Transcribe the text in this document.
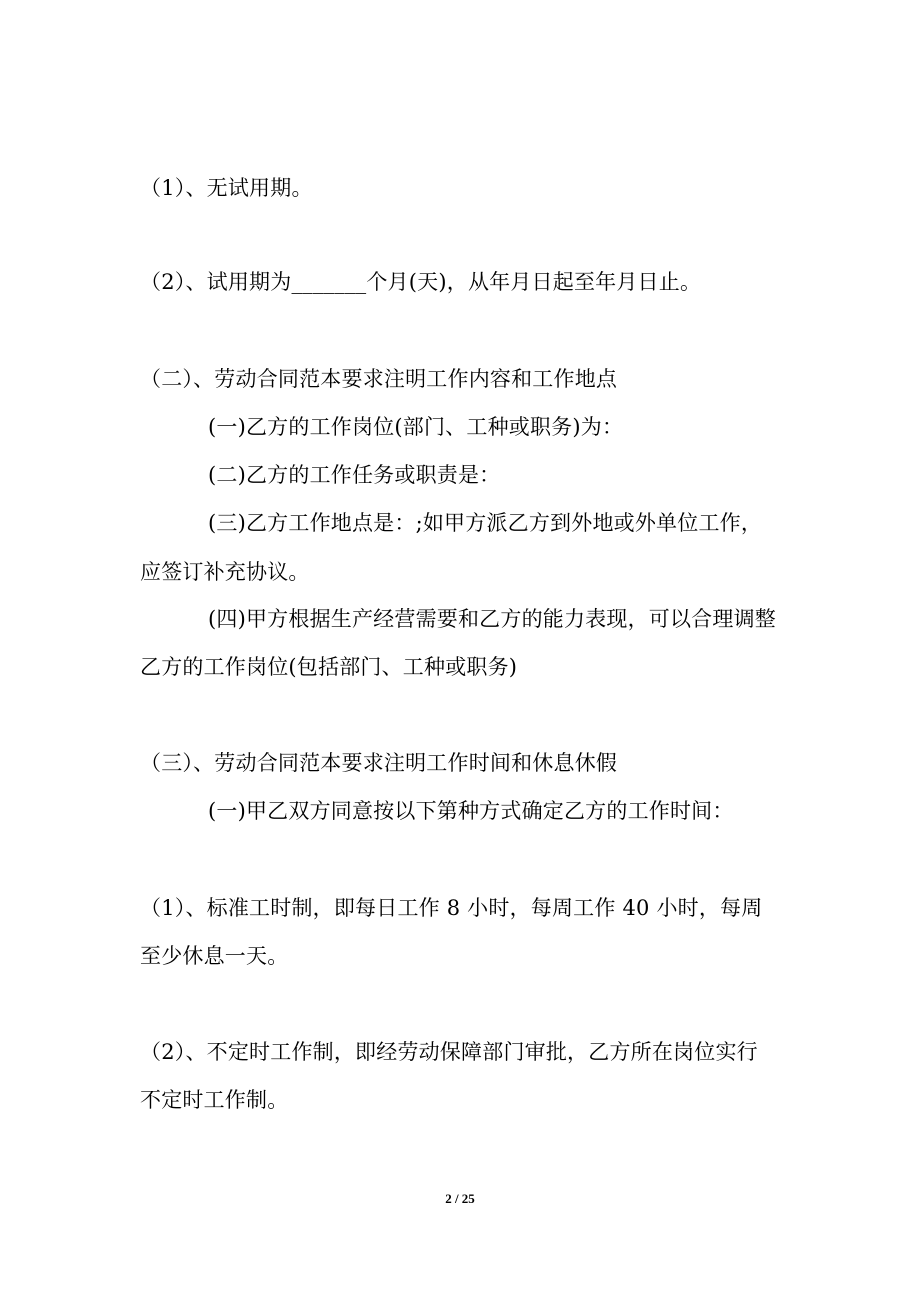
（1）、无试用期。
（2）、试用期为_______个月(天)，从年月日起至年月日止。
（二）、劳动合同范本要求注明工作内容和工作地点
(一)乙方的工作岗位(部门、工种或职务)为：
(二)乙方的工作任务或职责是：
(三)乙方工作地点是：;如甲方派乙方到外地或外单位工作，
应签订补充协议。
(四)甲方根据生产经营需要和乙方的能力表现，可以合理调整
乙方的工作岗位(包括部门、工种或职务)
（三）、劳动合同范本要求注明工作时间和休息休假
(一)甲乙双方同意按以下第种方式确定乙方的工作时间：
（1）、标准工时制，即每日工作 8 小时，每周工作 40 小时，每周
至少休息一天。
（2）、不定时工作制，即经劳动保障部门审批，乙方所在岗位实行
不定时工作制。
2 / 25
